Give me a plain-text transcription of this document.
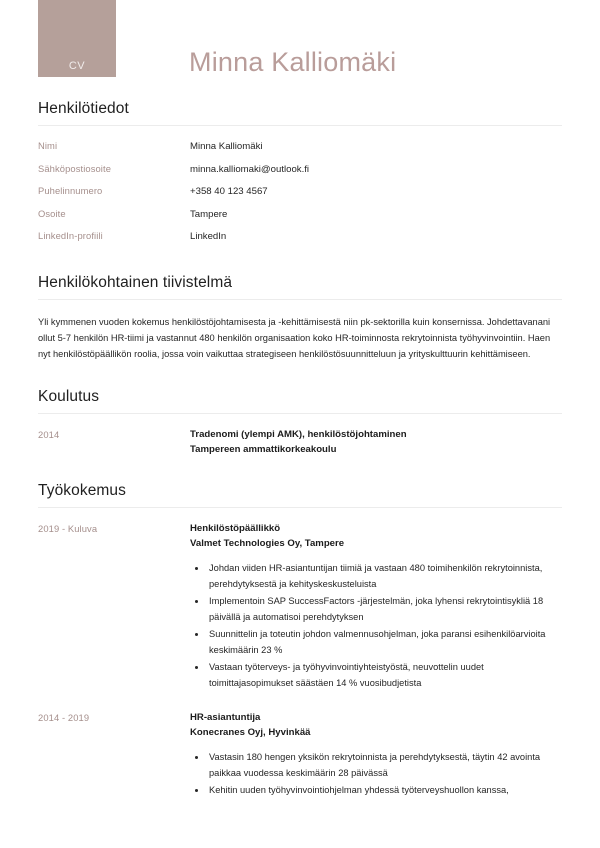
CV	Minna Kalliomäki
Henkilötiedot
Nimi	Minna Kalliomäki
Sähköpostiosoite	minna.kalliomaki@outlook.fi
Puhelinnumero	+358 40 123 4567
Osoite	Tampere
LinkedIn-profiili	LinkedIn
Henkilökohtainen tiivistelmä

Yli kymmenen vuoden kokemus henkilöstöjohtamisesta ja -kehittämisestä niin pk-sektorilla kuin konsernissa. Johdettavanani ollut 5-7 henkilön HR-tiimi ja vastannut 480 henkilön organisaation koko HR-toiminnosta rekrytoinnista työhyvinvointiin. Haen nyt henkilöstöpäällikön roolia, jossa voin vaikuttaa strategiseen henkilöstösuunnitteluun ja yrityskulttuurin kehittämiseen.

Koulutus
2014	Tradenomi (ylempi AMK), henkilöstöjohtaminen
Tampereen ammattikorkeakoulu
Työkokemus
2019 - Kuluva	Henkilöstöpäällikkö
Valmet Technologies Oy, Tampere
• Johdan viiden HR-asiantuntijan tiimiä ja vastaan 480 toimihenkilön rekrytoinnista, perehdytyksestä ja kehityskeskusteluista
• Implementoin SAP SuccessFactors -järjestelmän, joka lyhensi rekrytointisykliä 18 päivällä ja automatisoi perehdytyksen
• Suunnittelin ja toteutin johdon valmennusohjelman, joka paransi esihenkilöarvioita keskimäärin 23 %
• Vastaan työterveys- ja työhyvinvointiyhteistyöstä, neuvottelin uudet toimittajasopimukset säästäen 14 % vuosibudjetista
2014 - 2019	HR-asiantuntija
Konecranes Oyj, Hyvinkää
• Vastasin 180 hengen yksikön rekrytoinnista ja perehdytyksestä, täytin 42 avointa paikkaa vuodessa keskimäärin 28 päivässä
• Kehitin uuden työhyvinvointiohjelman yhdessä työterveyshuollon kanssa,
